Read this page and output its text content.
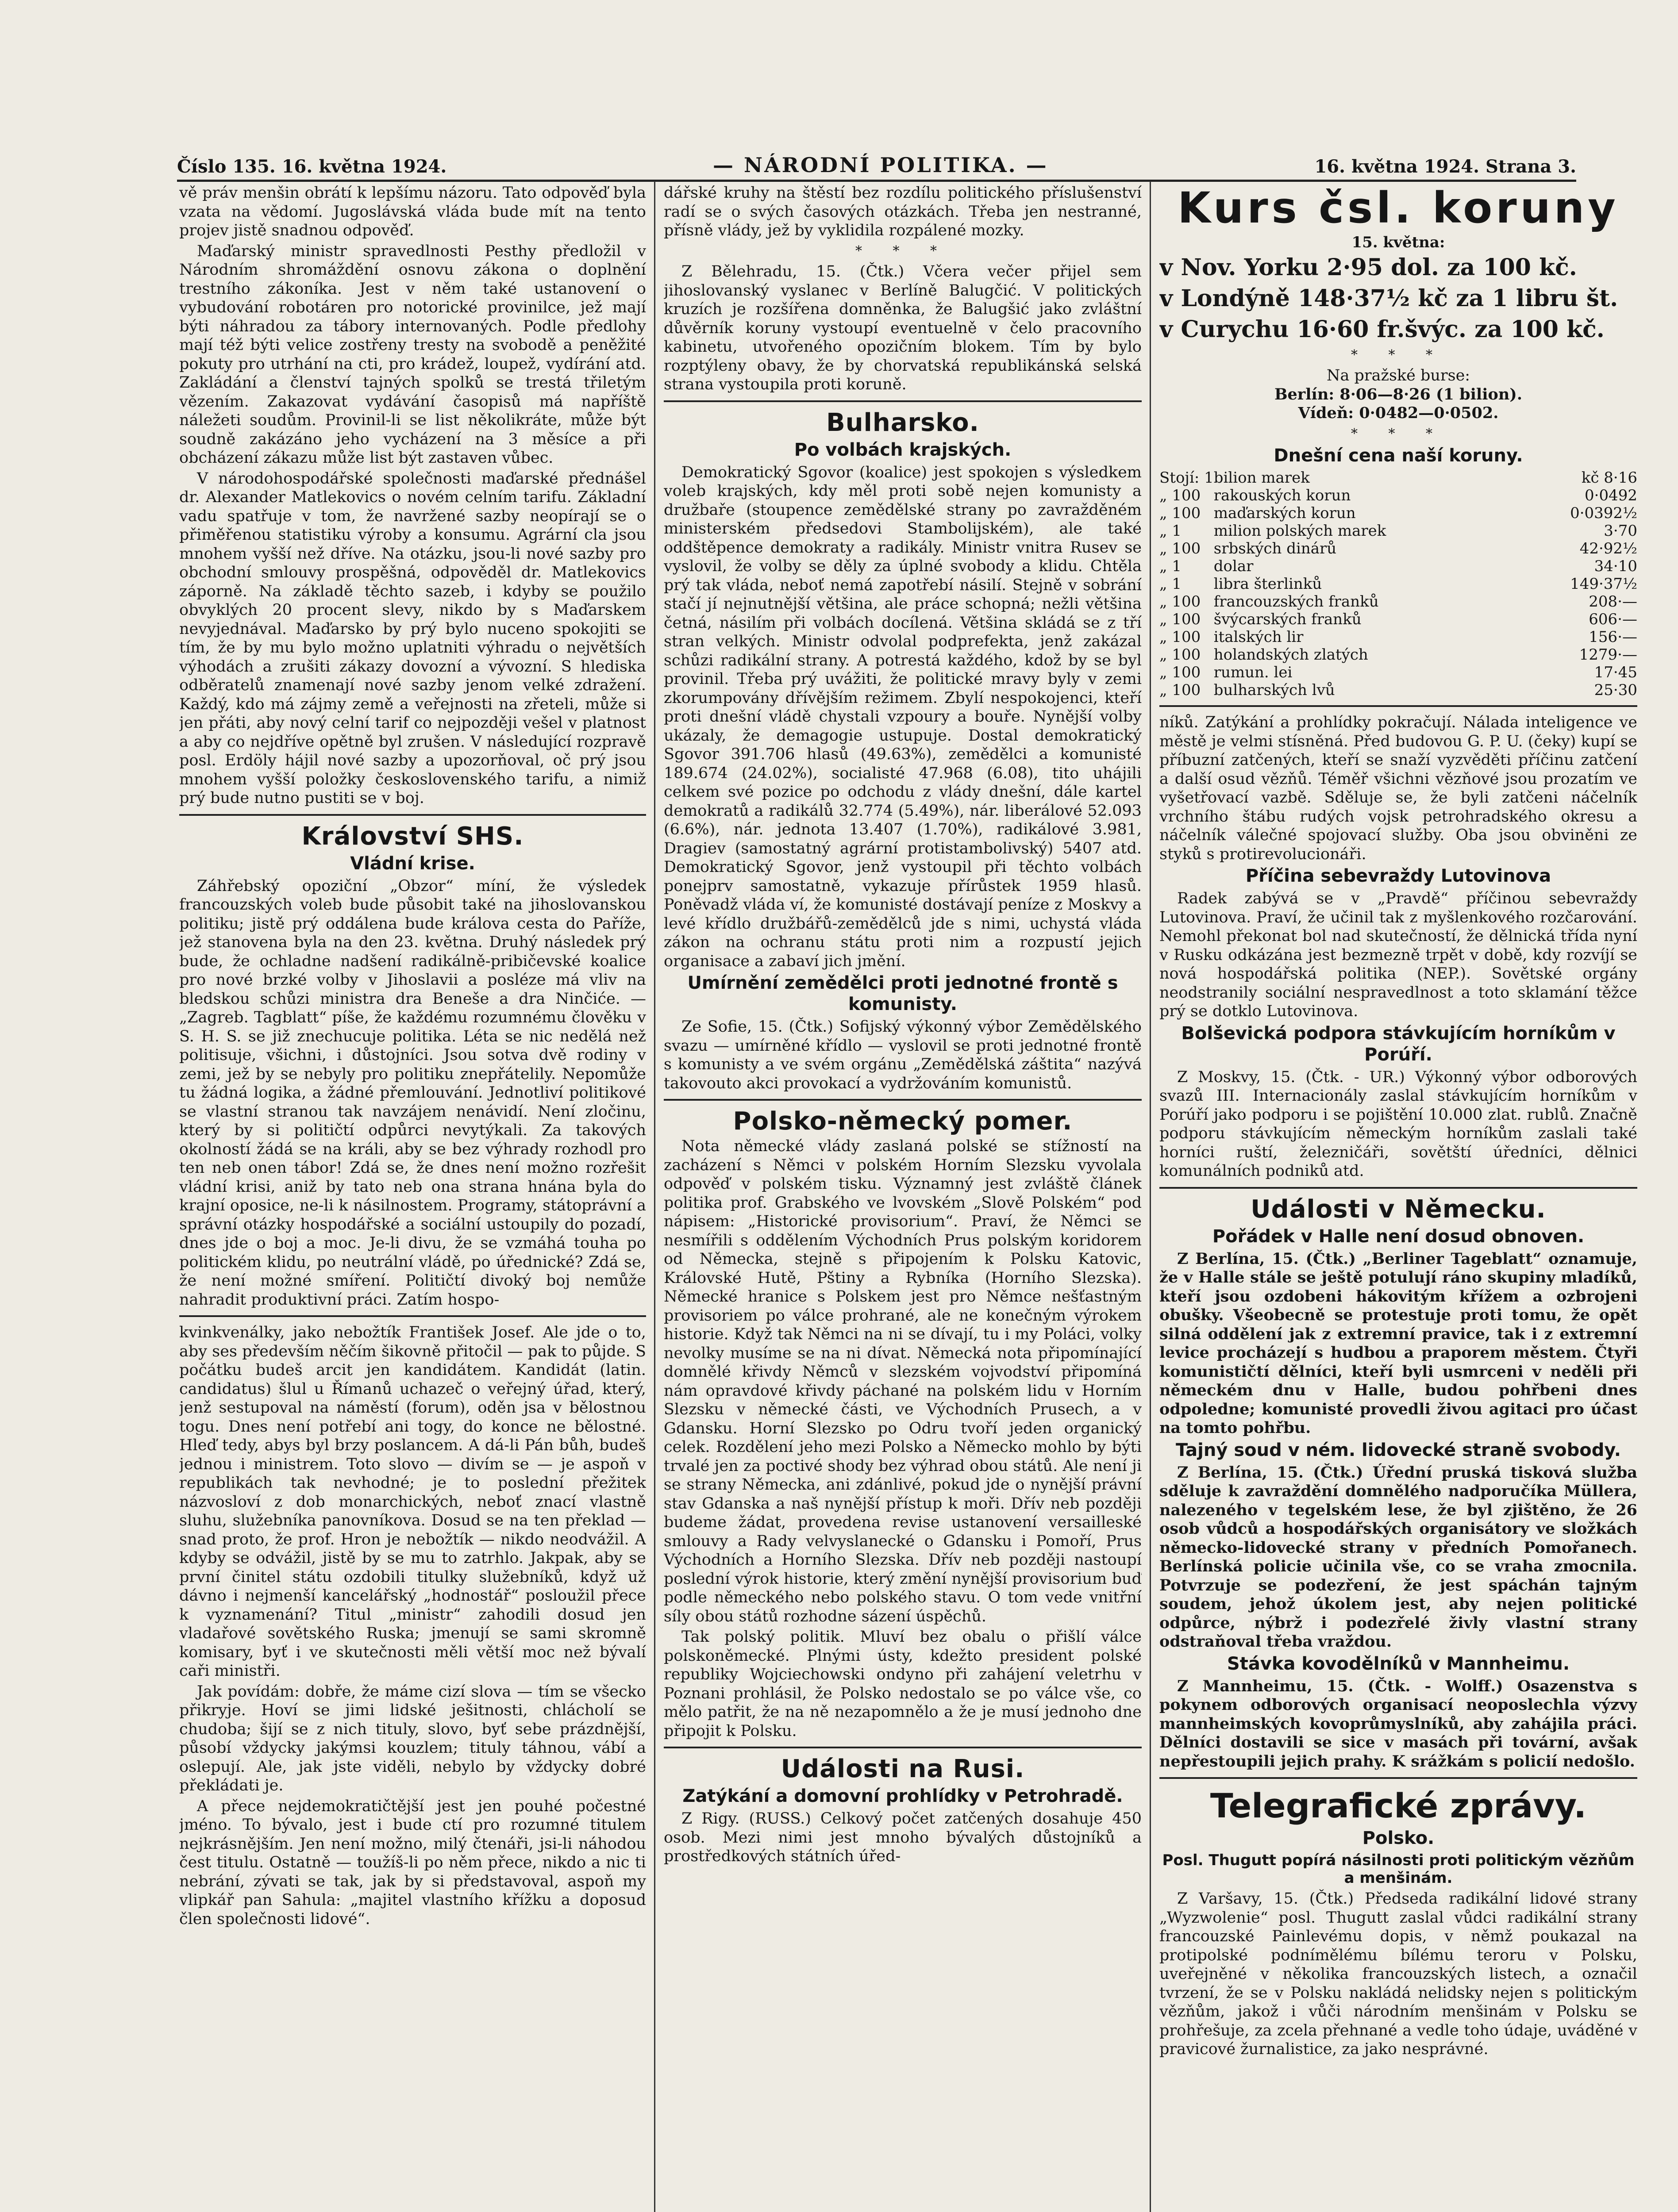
Číslo 135. 16. května 1924.	— NÁRODNÍ POLITIKA. —	16. května 1924. Strana 3.

vě práv menšin obrátí k lepšímu názoru. Tato odpověď byla vzata na vědomí. Jugoslávská vláda bude mít na tento projev jistě snadnou odpověď.

Maďarský ministr spravedlnosti Pesthy předložil v Národním shromáždění osnovu zákona o doplnění trestního zákoníka. Jest v něm také ustanovení o vybudování robotáren pro notorické provinilce, jež mají býti náhradou za tábory internovaných. Podle předlohy mají též býti velice zostřeny tresty na svobodě a peněžité pokuty pro utrhání na cti, pro krádež, loupež, vydírání atd. Zakládání a členství tajných spolků se trestá třiletým vězením. Zakazovat vydávání časopisů má napříště náležeti soudům. Provinil-li se list několikráte, může být soudně zakázáno jeho vycházení na 3 měsíce a při obcházení zákazu může list být zastaven vůbec.

V národohospodářské společnosti maďarské přednášel dr. Alexander Matlekovics o novém celním tarifu. Základní vadu spatřuje v tom, že navržené sazby neopírají se o přiměřenou statistiku výroby a konsumu. Agrární cla jsou mnohem vyšší než dříve. Na otázku, jsou-li nové sazby pro obchodní smlouvy prospěšná, odpověděl dr. Matlekovics záporně. Na základě těchto sazeb, i kdyby se použilo obvyklých 20 procent slevy, nikdo by s Maďarskem nevyjednával. Maďarsko by prý bylo nuceno spokojiti se tím, že by mu bylo možno uplatniti výhradu o největších výhodách a zrušiti zákazy dovozní a vývozní. S hlediska odběratelů znamenají nové sazby jenom velké zdražení. Každý, kdo má zájmy země a veřejnosti na zřeteli, může si jen přáti, aby nový celní tarif co nejpozději vešel v platnost a aby co nejdříve opětně byl zrušen. V následující rozpravě posl. Erdöly hájil nové sazby a upozorňoval, oč prý jsou mnohem vyšší položky československého tarifu, a nimiž prý bude nutno pustiti se v boj.

Království SHS.
Vládní krise.

Záhřebský opoziční „Obzor“ míní, že výsledek francouzských voleb bude působit také na jihoslovanskou politiku; jistě prý oddálena bude králova cesta do Paříže, jež stanovena byla na den 23. května. Druhý následek prý bude, že ochladne nadšení radikálně-pribičevské koalice pro nové brzké volby v Jihoslavii a posléze má vliv na bledskou schůzi ministra dra Beneše a dra Ninčiće. — „Zagreb. Tagblatt“ píše, že každému rozumnému člověku v S. H. S. se již znechucuje politika. Léta se nic nedělá než politisuje, všichni, i důstojníci. Jsou sotva dvě rodiny v zemi, jež by se nebyly pro politiku znepřátelily. Nepomůže tu žádná logika, a žádné přemlouvání. Jednotliví politikové se vlastní stranou tak navzájem nenávidí. Není zločinu, který by si političtí odpůrci nevytýkali. Za takových okolností žádá se na králi, aby se bez výhrady rozhodl pro ten neb onen tábor! Zdá se, že dnes není možno rozřešit vládní krisi, aniž by tato neb ona strana hnána byla do krajní oposice, ne-li k násilnostem. Programy, státoprávní a správní otázky hospodářské a sociální ustoupily do pozadí, dnes jde o boj a moc. Je-li divu, že se vzmáhá touha po politickém klidu, po neutrální vládě, po úřednické? Zdá se, že není možné smíření. Političtí divoký boj nemůže nahradit produktivní práci. Zatím hospo-

kvinkvenálky, jako nebožtík František Josef. Ale jde o to, aby ses především něčím šikovně přitočil — pak to půjde. S počátku budeš arcit jen kandidátem. Kandidát (latin. candidatus) šlul u Římanů uchazeč o veřejný úřad, který, jenž sestupoval na náměstí (forum), oděn jsa v bělostnou togu. Dnes není potřebí ani togy, do konce ne bělostné. Hleď tedy, abys byl brzy poslancem. A dá-li Pán bůh, budeš jednou i ministrem. Toto slovo — divím se — je aspoň v republikách tak nevhodné; je to poslední přežitek názvosloví z dob monarchických, neboť znací vlastně sluhu, služebníka panovníkova. Dosud se na ten překlad — snad proto, že prof. Hron je nebožtík — nikdo neodvážil. A kdyby se odvážil, jistě by se mu to zatrhlo. Jakpak, aby se první činitel státu ozdobili titulky služebníků, když už dávno i nejmenší kancelářský „hodnostář“ posloužil přece k vyznamenání? Titul „ministr“ zahodili dosud jen vladařové sovětského Ruska; jmenují se sami skromně komisary, byť i ve skutečnosti měli větší moc než bývalí caři ministři.

Jak povídám: dobře, že máme cizí slova — tím se všecko přikryje. Hoví se jimi lidské ješitnosti, chlácholí se chudoba; šijí se z nich tituly, slovo, byť sebe prázdnější, působí vždycky jakýmsi kouzlem; tituly táhnou, vábí a oslepují. Ale, jak jste viděli, nebylo by vždycky dobré překládati je.

A přece nejdemokratičtější jest jen pouhé počestné jméno. To bývalo, jest i bude ctí pro rozumné titulem nejkrásnějším. Jen není možno, milý čtenáři, jsi-li náhodou čest titulu. Ostatně — toužíš-li po něm přece, nikdo a nic ti nebrání, zývati se tak, jak by si představoval, aspoň my vlipkář pan Sahula: „majitel vlastního křížku a doposud člen společnosti lidové“.

dářské kruhy na štěstí bez rozdílu politického příslušenství radí se o svých časových otázkách. Třeba jen nestranné, přísně vlády, jež by vyklidila rozpálené mozky.

* * *

Z Bělehradu, 15. (Čtk.) Včera večer přijel sem jihoslovanský vyslanec v Berlíně Balugčić. V politických kruzích je rozšířena domněnka, že Balugšić jako zvláštní důvěrník koruny vystoupí eventuelně v čelo pracovního kabinetu, utvořeného opozičním blokem. Tím by bylo rozptýleny obavy, že by chorvatská republikánská selská strana vystoupila proti koruně.

Bulharsko.
Po volbách krajských.

Demokratický Sgovor (koalice) jest spokojen s výsledkem voleb krajských, kdy měl proti sobě nejen komunisty a družbaře (stoupence zemědělské strany po zavražděném ministerském předsedovi Stambolijském), ale také oddštěpence demokraty a radikály. Ministr vnitra Rusev se vyslovil, že volby se děly za úplné svobody a klidu. Chtěla prý tak vláda, neboť nemá zapotřebí násilí. Stejně v sobrání stačí jí nejnutnější většina, ale práce schopná; nežli většina četná, násilím při volbách docílená. Většina skládá se z tří stran velkých. Ministr odvolal podprefekta, jenž zakázal schůzi radikální strany. A potrestá každého, kdož by se byl provinil. Třeba prý uvážiti, že politické mravy byly v zemi zkorumpovány dřívějším režimem. Zbylí nespokojenci, kteří proti dnešní vládě chystali vzpoury a bouře. Nynější volby ukázaly, že demagogie ustupuje. Dostal demokratický Sgovor 391.706 hlasů (49.63%), zemědělci a komunisté 189.674 (24.02%), socialisté 47.968 (6.08), tito uhájili celkem své pozice po odchodu z vlády dnešní, dále kartel demokratů a radikálů 32.774 (5.49%), nár. liberálové 52.093 (6.6%), nár. jednota 13.407 (1.70%), radikálové 3.981, Dragiev (samostatný agrární protistambolivský) 5407 atd. Demokratický Sgovor, jenž vystoupil při těchto volbách ponejprv samostatně, vykazuje přírůstek 1959 hlasů. Poněvadž vláda ví, že komunisté dostávají peníze z Moskvy a levé křídlo družbářů-zemědělců jde s nimi, uchystá vláda zákon na ochranu státu proti nim a rozpustí jejich organisace a zabaví jich jmění.

Umírnění zemědělci proti jednotné frontě s komunisty.

Ze Sofie, 15. (Čtk.) Sofijský výkonný výbor Zemědělského svazu — umírněné křídlo — vyslovil se proti jednotné frontě s komunisty a ve svém orgánu „Zemědělská záštita“ nazývá takovouto akci provokací a vydržováním komunistů.

Polsko-německý pomer.

Nota německé vlády zaslaná polské se stížností na zacházení s Němci v polském Horním Slezsku vyvolala odpověď v polském tisku. Významný jest zvláště článek politika prof. Grabského ve lvovském „Slově Polském“ pod nápisem: „Historické provisorium“. Praví, že Němci se nesmířili s oddělením Východních Prus polským koridorem od Německa, stejně s připojením k Polsku Katovic, Královské Hutě, Pštiny a Rybníka (Horního Slezska). Německé hranice s Polskem jest pro Němce nešťastným provisoriem po válce prohrané, ale ne konečným výrokem historie. Když tak Němci na ni se dívají, tu i my Poláci, volky nevolky musíme se na ni dívat. Německá nota připomínající domnělé křivdy Němců v slezském vojvodství připomíná nám opravdové křivdy páchané na polském lidu v Horním Slezsku v německé části, ve Východních Prusech, a v Gdansku. Horní Slezsko po Odru tvoří jeden organický celek. Rozdělení jeho mezi Polsko a Německo mohlo by býti trvalé jen za poctivé shody bez výhrad obou států. Ale není ji se strany Německa, ani zdánlivé, pokud jde o nynější právní stav Gdanska a naš nynější přístup k moři. Dřív neb později budeme žádat, provedena revise ustanovení versailleské smlouvy a Rady velvyslanecké o Gdansku i Pomoří, Prus Východních a Horního Slezska. Dřív neb později nastoupí poslední výrok historie, který změní nynější provisorium buď podle německého nebo polského stavu. O tom vede vnitřní síly obou států rozhodne sázení úspěchů.

Tak polský politik. Mluví bez obalu o přišlí válce polskoněmecké. Plnými ústy, kdežto president polské republiky Wojciechowski ondyno při zahájení veletrhu v Poznani prohlásil, že Polsko nedostalo se po válce vše, co mělo patřit, že na ně nezapomnělo a že je musí jednoho dne připojit k Polsku.

Události na Rusi.
Zatýkání a domovní prohlídky v Petrohradě.

Z Rigy. (RUSS.) Celkový počet zatčených dosahuje 450 osob. Mezi nimi jest mnoho bývalých důstojníků a prostředkových státních úřed-

Kurs čsl. koruny
15. května:

v Nov. Yorku 2·95 dol. za 100 kč.

v Londýně 148·37½ kč za 1 libru št.

v Curychu 16·60 fr.švýc. za 100 kč.

* * *
Na pražské burse:
Berlín: 8·06—8·26 (1 bilion).
Vídeň: 0·0482—0·0502.
* * *
Dnešní cena naší koruny.
Stojí: 1	bilion marek	kč 8·16
„ 100	rakouských korun	0·0492
„ 100	maďarských korun	0·0392½
„ 1	milion polských marek	3·70
„ 100	srbských dinárů	42·92½
„ 1	dolar	34·10
„ 1	libra šterlinků	149·37½
„ 100	francouzských franků	208·—
„ 100	švýcarských franků	606·—
„ 100	italských lir	156·—
„ 100	holandských zlatých	1279·—
„ 100	rumun. lei	17·45
„ 100	bulharských lvů	25·30

níků. Zatýkání a prohlídky pokračují. Nálada inteligence ve městě je velmi stísněná. Před budovou G. P. U. (čeky) kupí se příbuzní zatčených, kteří se snaží vyzvěděti příčinu zatčení a další osud vězňů. Téměř všichni vězňové jsou prozatím ve vyšetřovací vazbě. Sděluje se, že byli zatčeni náčelník vrchního štábu rudých vojsk petrohradského okresu a náčelník válečné spojovací služby. Oba jsou obviněni ze styků s protirevolucionáři.

Příčina sebevraždy Lutovinova

Radek zabývá se v „Pravdě“ příčinou sebevraždy Lutovinova. Praví, že učinil tak z myšlenkového rozčarování. Nemohl překonat bol nad skutečností, že dělnická třída nyní v Rusku odkázána jest bezmezně trpět v době, kdy rozvíjí se nová hospodářská politika (NEP.). Sovětské orgány neodstranily sociální nespravedlnost a toto sklamání těžce prý se dotklo Lutovinova.

Bolševická podpora stávkujícím horníkům v Porúří.

Z Moskvy, 15. (Čtk. - UR.) Výkonný výbor odborových svazů III. Internacionály zaslal stávkujícím horníkům v Porúří jako podporu i se pojištění 10.000 zlat. rublů. Značně podporu stávkujícím německým horníkům zaslali také horníci ruští, železničáři, sovětští úředníci, dělnici komunálních podniků atd.

Události v Německu.
Pořádek v Halle není dosud obnoven.

Z Berlína, 15. (Čtk.) „Berliner Tageblatt“ oznamuje, že v Halle stále se ještě potulují ráno skupiny mladíků, kteří jsou ozdobeni hákovitým křížem a ozbrojeni obušky. Všeobecně se protestuje proti tomu, že opět silná oddělení jak z extremní pravice, tak i z extremní levice procházejí s hudbou a praporem městem. Čtyři komunističtí dělníci, kteří byli usmrceni v neděli při německém dnu v Halle, budou pohřbeni dnes odpoledne; komunisté provedli živou agitaci pro účast na tomto pohřbu.

Tajný soud v ném. lidovecké straně svobody.

Z Berlína, 15. (Čtk.) Úřední pruská tisková služba sděluje k zavraždění domnělého nadporučíka Müllera, nalezeného v tegelském lese, že byl zjištěno, že 26 osob vůdců a hospodářských organisátory ve složkách německo-lidovecké strany v předních Pomořanech. Berlínská policie učinila vše, co se vraha zmocnila. Potvrzuje se podezření, že jest spáchán tajným soudem, jehož úkolem jest, aby nejen politické odpůrce, nýbrž i podezřelé živly vlastní strany odstraňoval třeba vraždou.

Stávka kovodělníků v Mannheimu.

Z Mannheimu, 15. (Čtk. - Wolff.) Osazenstva s pokynem odborových organisací neoposlechla výzvy mannheimských kovoprůmyslníků, aby zahájila práci. Dělníci dostavili se sice v masách při tovární, avšak nepřestoupili jejich prahy. K srážkám s policií nedošlo.

Telegrafické zprávy.
Polsko.
Posl. Thugutt popírá násilnosti proti politickým vězňům a menšinám.

Z Varšavy, 15. (Čtk.) Předseda radikální lidové strany „Wyzwolenie“ posl. Thugutt zaslal vůdci radikální strany francouzské Painlevému dopis, v němž poukazal na protipolské podnímělému bílému teroru v Polsku, uveřejněné v několika francouzských listech, a označil tvrzení, že se v Polsku nakládá nelidsky nejen s politickým vězňům, jakož i vůči národním menšinám v Polsku se prohřešuje, za zcela přehnané a vedle toho údaje, uváděné v pravicové žurnalistice, za jako nesprávné.
